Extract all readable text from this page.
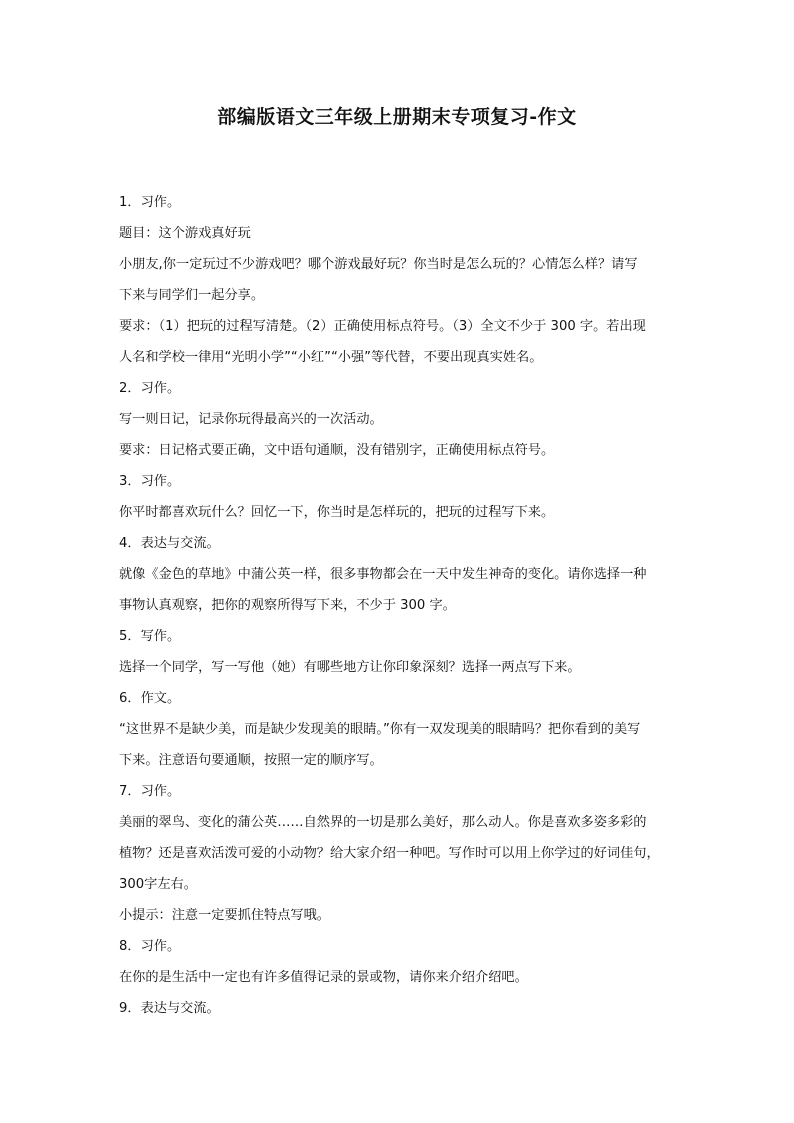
部编版语文三年级上册期末专项复习-作文
1．习作。
题目：这个游戏真好玩
小朋友,你一定玩过不少游戏吧？哪个游戏最好玩？你当时是怎么玩的？心情怎么样？请写
下来与同学们一起分享。
要求：（1）把玩的过程写清楚。（2）正确使用标点符号。（3）全文不少于 300 字。若出现
人名和学校一律用“光明小学”“小红”“小强”等代替，不要出现真实姓名。
2．习作。
写一则日记，记录你玩得最高兴的一次活动。
要求：日记格式要正确，文中语句通顺，没有错别字，正确使用标点符号。
3．习作。
你平时都喜欢玩什么？回忆一下，你当时是怎样玩的，把玩的过程写下来。
4．表达与交流。
就像《金色的草地》中蒲公英一样，很多事物都会在一天中发生神奇的变化。请你选择一种
事物认真观察，把你的观察所得写下来，不少于 300 字。
5．写作。
选择一个同学，写一写他（她）有哪些地方让你印象深刻？选择一两点写下来。
6．作文。
“这世界不是缺少美，而是缺少发现美的眼睛。”你有一双发现美的眼睛吗？把你看到的美写
下来。注意语句要通顺，按照一定的顺序写。
7．习作。
美丽的翠鸟、变化的蒲公英……自然界的一切是那么美好，那么动人。你是喜欢多姿多彩的
植物？还是喜欢活泼可爱的小动物？给大家介绍一种吧。写作时可以用上你学过的好词佳句，
300字左右。
小提示：注意一定要抓住特点写哦。
8．习作。
在你的是生活中一定也有许多值得记录的景或物，请你来介绍介绍吧。
9．表达与交流。
